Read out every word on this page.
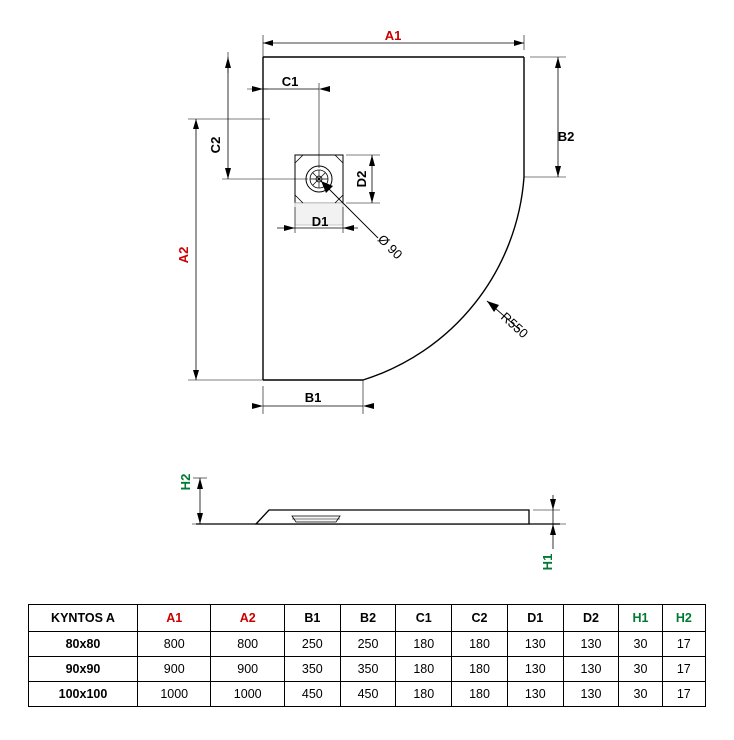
A1
A2
B1
B2
C1
C2
D1
D2
Ø 90
R550
H2
H1
KYNTOS A	A1	A2	B1	B2	C1	C2	D1	D2	H1	H2
80x80	800	800	250	250	180	180	130	130	30	17
90x90	900	900	350	350	180	180	130	130	30	17
100x100	1000	1000	450	450	180	180	130	130	30	17
